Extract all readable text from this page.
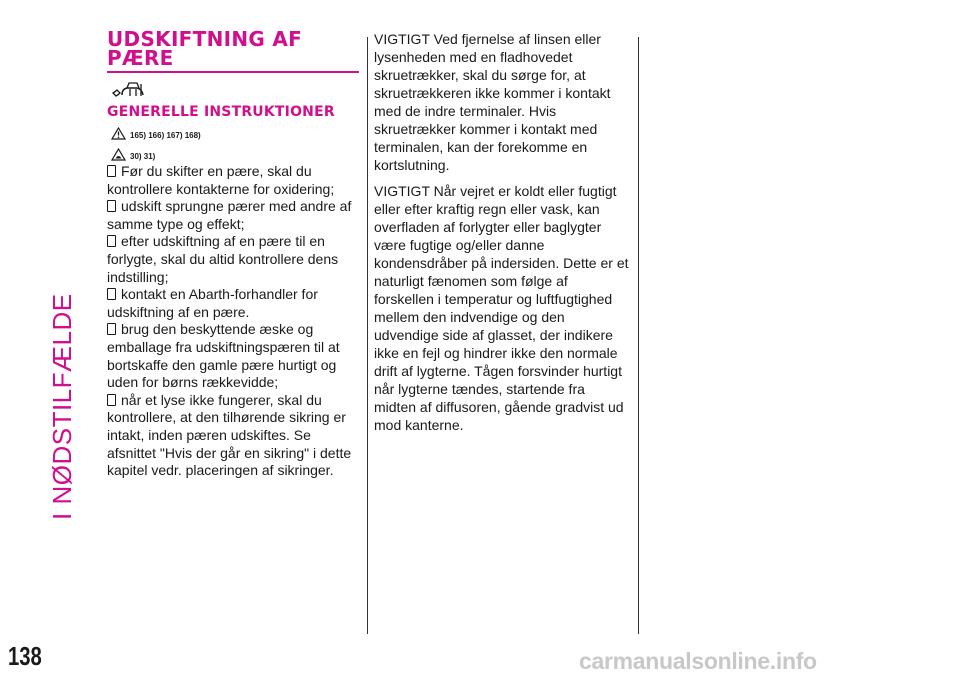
I NØDSTILFÆLDE
138
UDSKIFTNING AF PÆRE
GENERELLE INSTRUKTIONER
165) 166) 167) 168)
30) 31)
Før du skifter en pære, skal du kontrollere kontakterne for oxidering;
udskift sprungne pærer med andre af samme type og effekt;
efter udskiftning af en pære til en forlygte, skal du altid kontrollere dens indstilling;
kontakt en Abarth-forhandler for udskiftning af en pære.
brug den beskyttende æske og emballage fra udskiftningspæren til at bortskaffe den gamle pære hurtigt og uden for børns rækkevidde;
når et lyse ikke fungerer, skal du kontrollere, at den tilhørende sikring er intakt, inden pæren udskiftes. Se afsnittet "Hvis der går en sikring" i dette kapitel vedr. placeringen af sikringer.

VIGTIGT Ved fjernelse af linsen eller lysenheden med en fladhovedet skruetrækker, skal du sørge for, at skruetrækkeren ikke kommer i kontakt med de indre terminaler. Hvis skruetrækker kommer i kontakt med terminalen, kan der forekomme en kortslutning.

VIGTIGT Når vejret er koldt eller fugtigt eller efter kraftig regn eller vask, kan overfladen af forlygter eller baglygter være fugtige og/eller danne kondensdråber på indersiden. Dette er et naturligt fænomen som følge af forskellen i temperatur og luftfugtighed mellem den indvendige og den udvendige side af glasset, der indikere ikke en fejl og hindrer ikke den normale drift af lygterne. Tågen forsvinder hurtigt når lygterne tændes, startende fra midten af diffusoren, gående gradvist ud mod kanterne.

carmanualsonline.info
